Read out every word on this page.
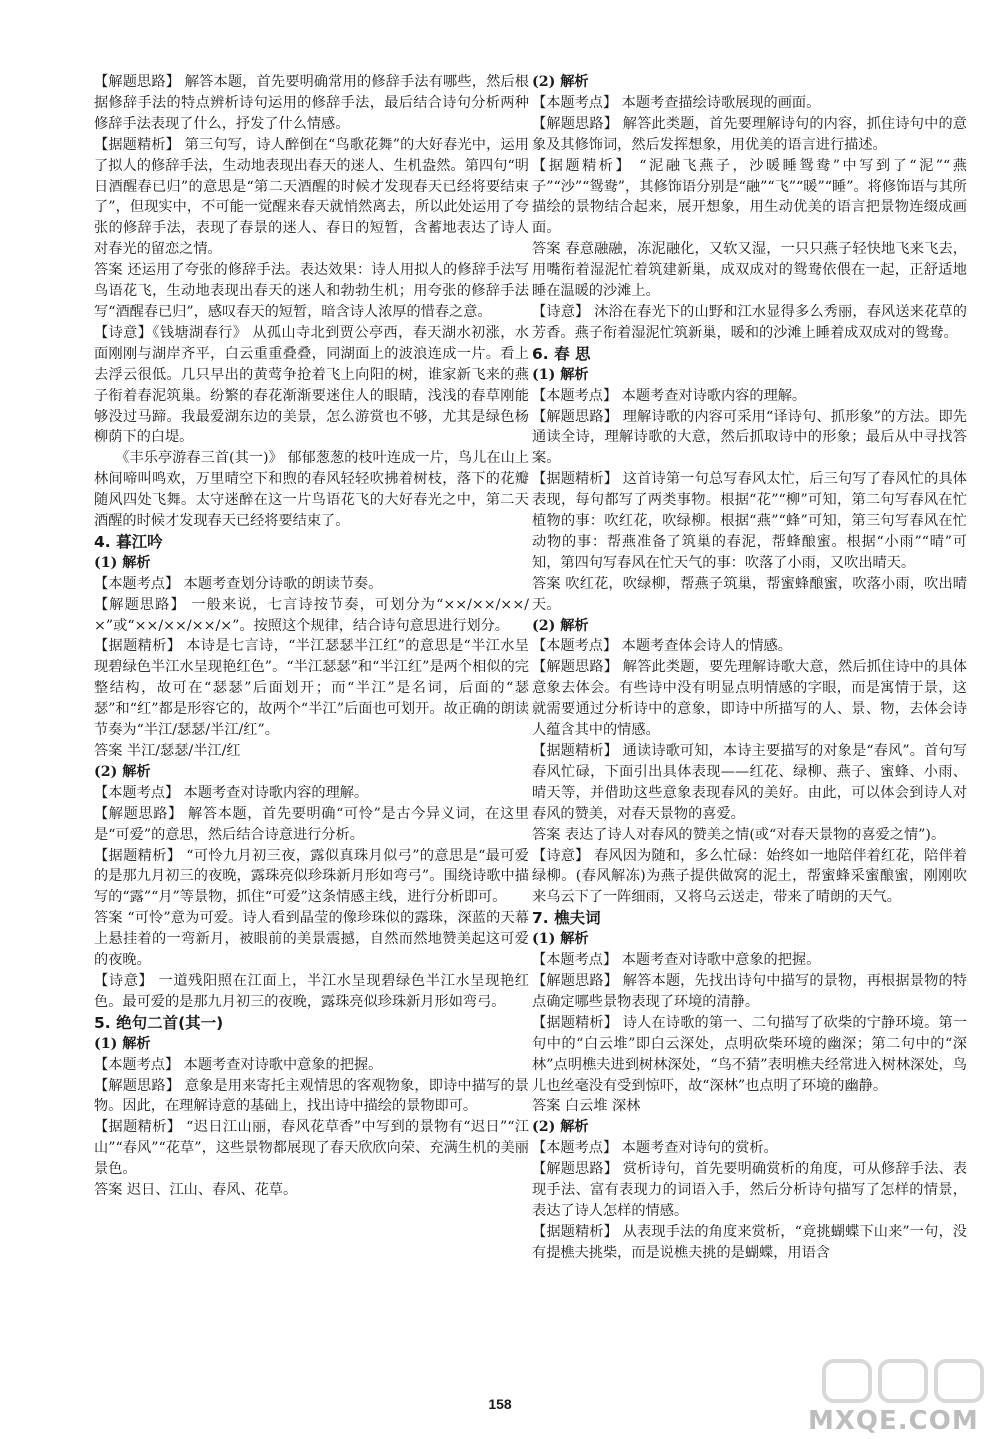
【解题思路】 解答本题，首先要明确常用的修辞手法有哪些，然后根据修辞手法的特点辨析诗句运用的修辞手法，最后结合诗句分析两种修辞手法表现了什么，抒发了什么情感。

【据题精析】 第三句写，诗人醉倒在“鸟歌花舞”的大好春光中，运用了拟人的修辞手法，生动地表现出春天的迷人、生机盎然。第四句“明日酒醒春已归”的意思是“第二天酒醒的时候才发现春天已经将要结束了”，但现实中，不可能一觉醒来春天就悄然离去，所以此处运用了夸张的修辞手法，表现了春景的迷人、春日的短暂，含蓄地表达了诗人对春光的留恋之情。

答案 还运用了夸张的修辞手法。表达效果：诗人用拟人的修辞手法写鸟语花飞，生动地表现出春天的迷人和勃勃生机；用夸张的修辞手法写“酒醒春已归”，感叹春天的短暂，暗含诗人浓厚的惜春之意。

【诗意】《钱塘湖春行》 从孤山寺北到贾公亭西，春天湖水初涨，水面刚刚与湖岸齐平，白云重重叠叠，同湖面上的波浪连成一片。看上去浮云很低。几只早出的黄莺争抢着飞上向阳的树，谁家新飞来的燕子衔着春泥筑巢。纷繁的春花渐渐要迷住人的眼睛，浅浅的春草刚能够没过马蹄。我最爱湖东边的美景，怎么游赏也不够，尤其是绿色杨柳荫下的白堤。

《丰乐亭游春三首(其一)》 郁郁葱葱的枝叶连成一片，鸟儿在山上林间啼叫鸣欢，万里晴空下和煦的春风轻轻吹拂着树枝，落下的花瓣随风四处飞舞。太守迷醉在这一片鸟语花飞的大好春光之中，第二天酒醒的时候才发现春天已经将要结束了。

4. 暮江吟

(1) 解析

【本题考点】 本题考查划分诗歌的朗读节奏。

【解题思路】 一般来说，七言诗按节奏，可划分为“××/××/××/×”或“××/××/××/×”。按照这个规律，结合诗句意思进行划分。

【据题精析】 本诗是七言诗，“半江瑟瑟半江红”的意思是“半江水呈现碧绿色半江水呈现艳红色”。“半江瑟瑟”和“半江红”是两个相似的完整结构，故可在“瑟瑟”后面划开；而“半江”是名词，后面的“瑟瑟”和“红”都是形容它的，故两个“半江”后面也可划开。故正确的朗读节奏为“半江/瑟瑟/半江/红”。

答案 半江/瑟瑟/半江/红

(2) 解析

【本题考点】 本题考查对诗歌内容的理解。

【解题思路】 解答本题，首先要明确“可怜”是古今异义词，在这里是“可爱”的意思，然后结合诗意进行分析。

【据题精析】 “可怜九月初三夜，露似真珠月似弓”的意思是“最可爱的是那九月初三的夜晚，露珠亮似珍珠新月形如弯弓”。围绕诗歌中描写的“露”“月”等景物，抓住“可爱”这条情感主线，进行分析即可。

答案 “可怜”意为可爱。诗人看到晶莹的像珍珠似的露珠，深蓝的天幕上悬挂着的一弯新月，被眼前的美景震撼，自然而然地赞美起这可爱的夜晚。

【诗意】 一道残阳照在江面上，半江水呈现碧绿色半江水呈现艳红色。最可爱的是那九月初三的夜晚，露珠亮似珍珠新月形如弯弓。

5. 绝句二首(其一)

(1) 解析

【本题考点】 本题考查对诗歌中意象的把握。

【解题思路】 意象是用来寄托主观情思的客观物象，即诗中描写的景物。因此，在理解诗意的基础上，找出诗中描绘的景物即可。

【据题精析】 “迟日江山丽，春风花草香”中写到的景物有“迟日”“江山”“春风”“花草”，这些景物都展现了春天欣欣向荣、充满生机的美丽景色。

答案 迟日、江山、春风、花草。

(2) 解析

【本题考点】 本题考查描绘诗歌展现的画面。

【解题思路】 解答此类题，首先要理解诗句的内容，抓住诗句中的意象及其修饰词，然后发挥想象，用优美的语言进行描述。

【据题精析】 “泥融飞燕子，沙暖睡鸳鸯”中写到了“泥”“燕子”“沙”“鸳鸯”，其修饰语分别是“融”“飞”“暖”“睡”。将修饰语与其所描绘的景物结合起来，展开想象，用生动优美的语言把景物连缀成画面。

答案 春意融融，冻泥融化，又软又湿，一只只燕子轻快地飞来飞去，用嘴衔着湿泥忙着筑建新巢，成双成对的鸳鸯依偎在一起，正舒适地睡在温暖的沙滩上。

【诗意】 沐浴在春光下的山野和江水显得多么秀丽，春风送来花草的芳香。燕子衔着湿泥忙筑新巢，暖和的沙滩上睡着成双成对的鸳鸯。

6. 春 思

(1) 解析

【本题考点】 本题考查对诗歌内容的理解。

【解题思路】 理解诗歌的内容可采用“译诗句、抓形象”的方法。即先通读全诗，理解诗歌的大意，然后抓取诗中的形象；最后从中寻找答案。

【据题精析】 这首诗第一句总写春风太忙，后三句写了春风忙的具体表现，每句都写了两类事物。根据“花”“柳”可知，第二句写春风在忙植物的事：吹红花，吹绿柳。根据“燕”“蜂”可知，第三句写春风在忙动物的事：帮燕准备了筑巢的春泥，帮蜂酿蜜。根据“小雨”“晴”可知，第四句写春风在忙天气的事：吹落了小雨，又吹出晴天。

答案 吹红花，吹绿柳，帮燕子筑巢，帮蜜蜂酿蜜，吹落小雨，吹出晴天。

(2) 解析

【本题考点】 本题考查体会诗人的情感。

【解题思路】 解答此类题，要先理解诗歌大意，然后抓住诗中的具体意象去体会。有些诗中没有明显点明情感的字眼，而是寓情于景，这就需要通过分析诗中的意象，即诗中所描写的人、景、物，去体会诗人蕴含其中的情感。

【据题精析】 通读诗歌可知，本诗主要描写的对象是“春风”。首句写春风忙碌，下面引出具体表现——红花、绿柳、燕子、蜜蜂、小雨、晴天等，并借助这些意象表现春风的美好。由此，可以体会到诗人对春风的赞美，对春天景物的喜爱。

答案 表达了诗人对春风的赞美之情(或“对春天景物的喜爱之情”)。

【诗意】 春风因为随和，多么忙碌：始终如一地陪伴着红花，陪伴着绿柳。(春风解冻)为燕子提供做窝的泥土，帮蜜蜂采蜜酿蜜，刚刚吹来乌云下了一阵细雨，又将乌云送走，带来了晴朗的天气。

7. 樵夫词

(1) 解析

【本题考点】 本题考查对诗歌中意象的把握。

【解题思路】 解答本题，先找出诗句中描写的景物，再根据景物的特点确定哪些景物表现了环境的清静。

【据题精析】 诗人在诗歌的第一、二句描写了砍柴的宁静环境。第一句中的“白云堆”即白云深处，点明砍柴环境的幽深；第二句中的“深林”点明樵夫进到树林深处，“鸟不猜”表明樵夫经常进入树林深处，鸟儿也丝毫没有受到惊吓，故“深林”也点明了环境的幽静。

答案 白云堆 深林

(2) 解析

【本题考点】 本题考查对诗句的赏析。

【解题思路】 赏析诗句，首先要明确赏析的角度，可从修辞手法、表现手法、富有表现力的词语入手，然后分析诗句描写了怎样的情景，表达了诗人怎样的情感。

【据题精析】 从表现手法的角度来赏析，“竟挑蝴蝶下山来”一句，没有提樵夫挑柴，而是说樵夫挑的是蝴蝶，用语含

158
MXQE.COM
